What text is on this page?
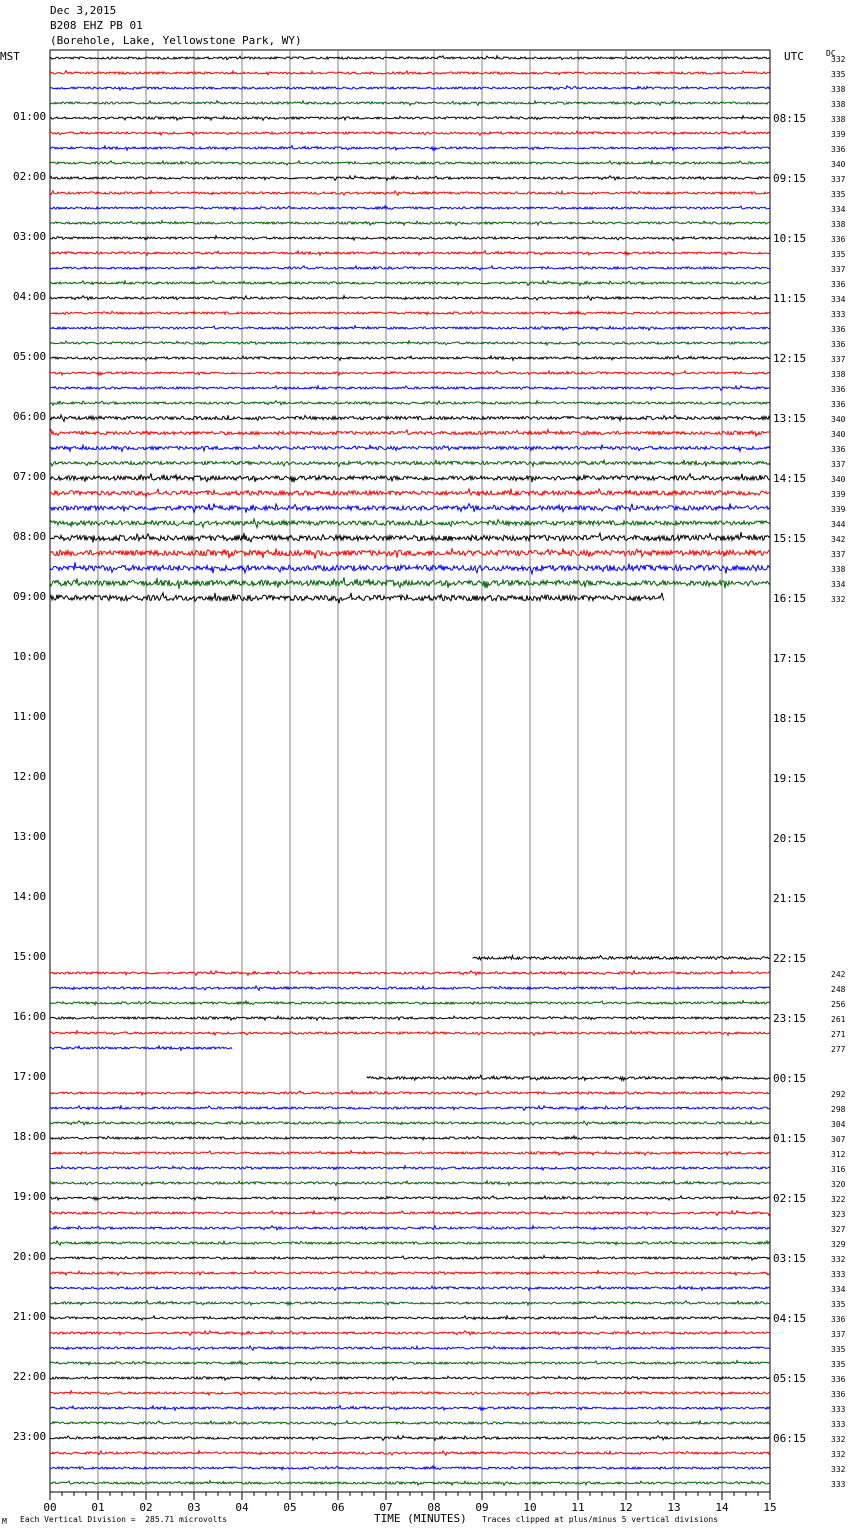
Dec 3,2015
B208 EHZ PB 01
(Borehole, Lake, Yellowstone Park, WY)
MST	UTC	DC
01:00
02:00
03:00
04:00
05:00
06:00
07:00
08:00
09:00
10:00
11:00
12:00
13:00
14:00
15:00
16:00
17:00
18:00
19:00
20:00
21:00
22:00
23:00
08:15
09:15
10:15
11:15
12:15
13:15
14:15
15:15
16:15
17:15
18:15
19:15
20:15
21:15
22:15
23:15
00:15
01:15
02:15
03:15
04:15
05:15
06:15
332
335
338
338
338
339
336
340
337
335
334
338
336
335
337
336
334
333
336
336
337
338
336
336
340
340
336
337
340
339
339
344
342
337
338
334
332
242
248
256
261
271
277
292
298
304
307
312
316
320
322
323
327
329
332
333
334
335
336
337
335
335
336
336
333
333
332
332
332
333
00	01	02	03	04	05	06	07	08	09	10	11	12	13	14	15
M Each Vertical Division =  285.71 microvolts	TIME (MINUTES) Traces clipped at plus/minus 5 vertical divisions
